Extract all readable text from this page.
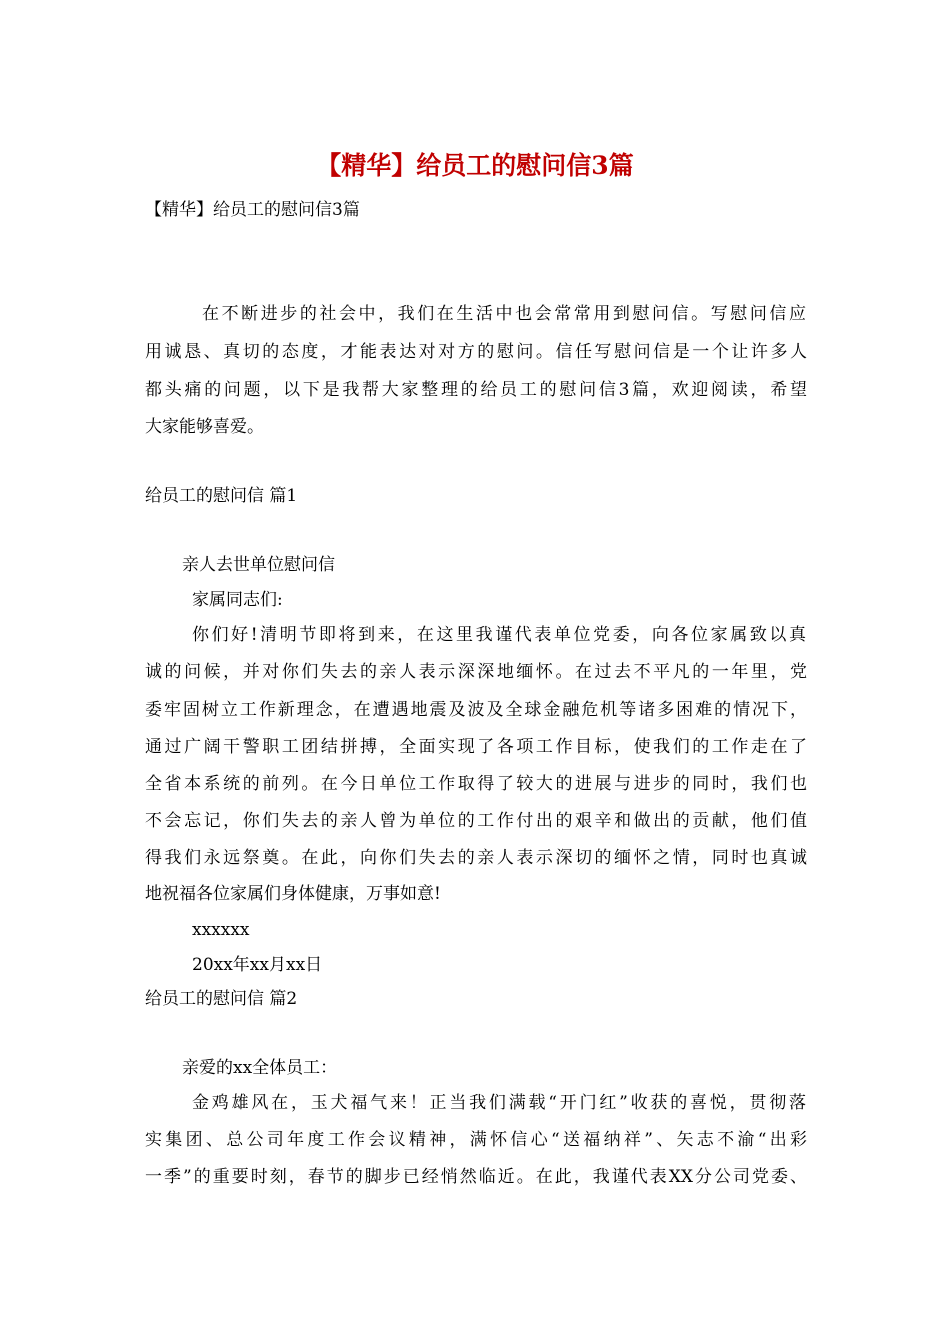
【精华】给员工的慰问信3篇
【精华】给员工的慰问信3篇
在不断进步的社会中，我们在生活中也会常常用到慰问信。写慰问信应
用诚恳、真切的态度，才能表达对对方的慰问。信任写慰问信是一个让许多人
都头痛的问题，以下是我帮大家整理的给员工的慰问信3篇，欢迎阅读，希望
大家能够喜爱。
给员工的慰问信 篇1
亲人去世单位慰问信
家属同志们:
你们好!清明节即将到来，在这里我谨代表单位党委，向各位家属致以真
诚的问候，并对你们失去的亲人表示深深地缅怀。在过去不平凡的一年里，党
委牢固树立工作新理念，在遭遇地震及波及全球金融危机等诸多困难的情况下，
通过广阔干警职工团结拼搏，全面实现了各项工作目标，使我们的工作走在了
全省本系统的前列。在今日单位工作取得了较大的进展与进步的同时，我们也
不会忘记，你们失去的亲人曾为单位的工作付出的艰辛和做出的贡献，他们值
得我们永远祭奠。在此，向你们失去的亲人表示深切的缅怀之情，同时也真诚
地祝福各位家属们身体健康，万事如意!
xxxxxx
20xx年xx月xx日
给员工的慰问信 篇2
亲爱的xx全体员工：
金鸡雄风在，玉犬福气来！正当我们满载“开门红”收获的喜悦，贯彻落
实集团、总公司年度工作会议精神，满怀信心“送福纳祥”、矢志不渝“出彩
一季”的重要时刻，春节的脚步已经悄然临近。在此，我谨代表XX分公司党委、
